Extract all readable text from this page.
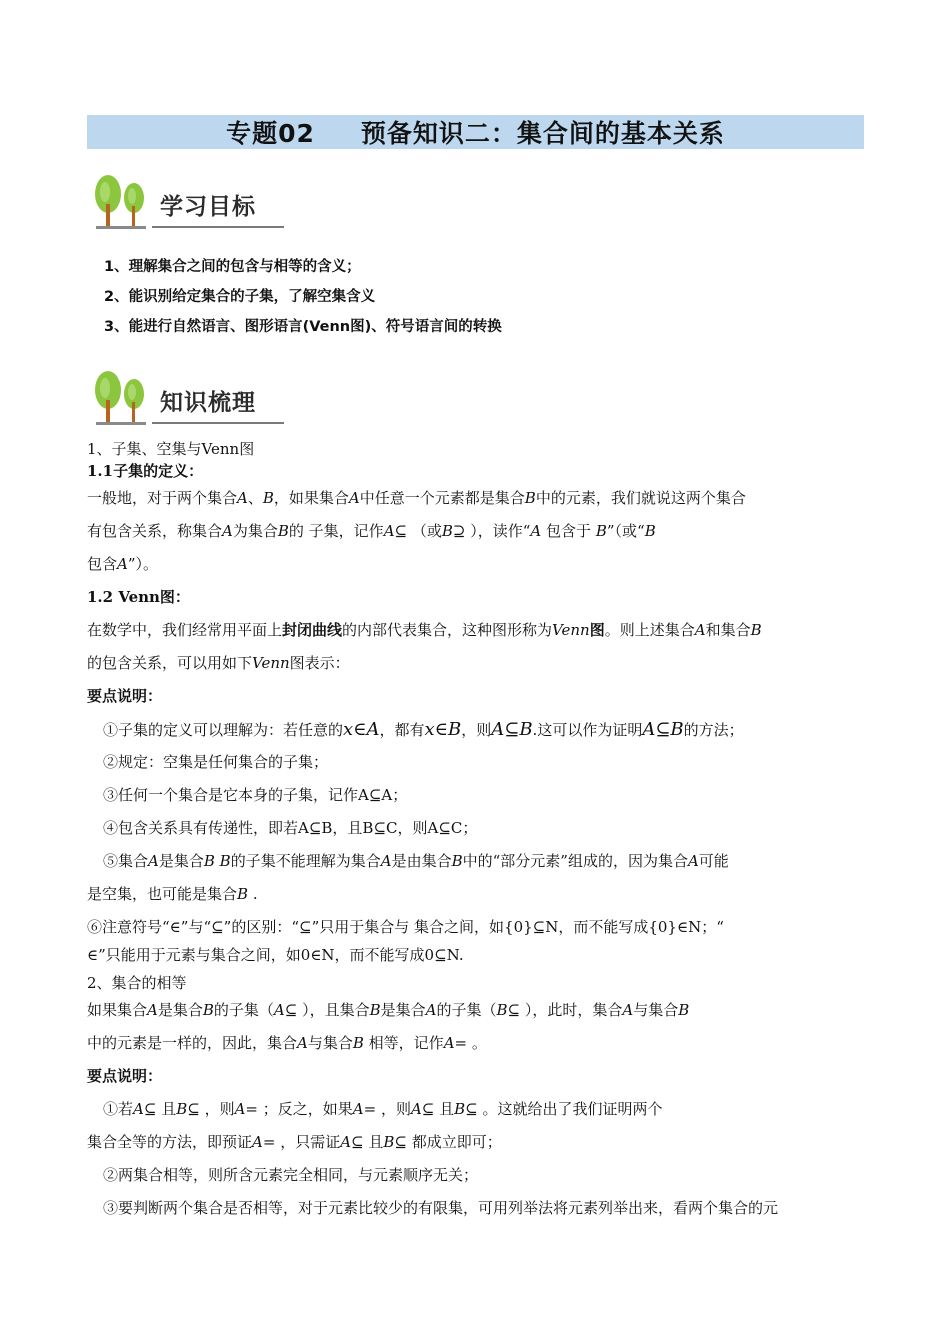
专题02 预备知识二：集合间的基本关系
学习目标
1、理解集合之间的包含与相等的含义；
2、能识别给定集合的子集，了解空集含义
3、能进行自然语言、图形语言(Venn图)、符号语言间的转换
知识梳理
1、子集、空集与Venn图
1.1子集的定义：
一般地，对于两个集合A、B，如果集合A中任意一个元素都是集合B中的元素，我们就说这两个集合
有包含关系，称集合A为集合B的 子集，记作A⊆ （或B⊇ ），读作“A 包含于 B”（或“B
包含A”）。
1.2 Venn图：
在数学中，我们经常用平面上封闭曲线的内部代表集合，这种图形称为Venn图。则上述集合A和集合B
的包含关系，可以用如下Venn图表示：
要点说明：
①子集的定义可以理解为：若任意的x∈A，都有x∈B，则A⊆B.这可以作为证明A⊆B的方法；
②规定：空集是任何集合的子集；
③任何一个集合是它本身的子集，记作A⊆A；
④包含关系具有传递性，即若A⊆B，且B⊆C，则A⊆C；
⑤集合A是集合B B的子集不能理解为集合A是由集合B中的“部分元素”组成的，因为集合A可能
是空集，也可能是集合B .
⑥注意符号“∈”与“⊆”的区别：“⊆”只用于集合与 集合之间，如{0}⊆N，而不能写成{0}∈N；“
∈”只能用于元素与集合之间，如0∈N，而不能写成0⊆N.
2、集合的相等
如果集合A是集合B的子集（A⊆ ），且集合B是集合A的子集（B⊆ ），此时，集合A与集合B
中的元素是一样的，因此，集合A与集合B 相等，记作A= 。
要点说明：
①若A⊆ 且B⊆ ，则A= ；反之，如果A= ，则A⊆ 且B⊆ 。这就给出了我们证明两个
集合全等的方法，即预证A= ，只需证A⊆ 且B⊆ 都成立即可；
②两集合相等，则所含元素完全相同，与元素顺序无关；
③要判断两个集合是否相等，对于元素比较少的有限集，可用列举法将元素列举出来，看两个集合的元
